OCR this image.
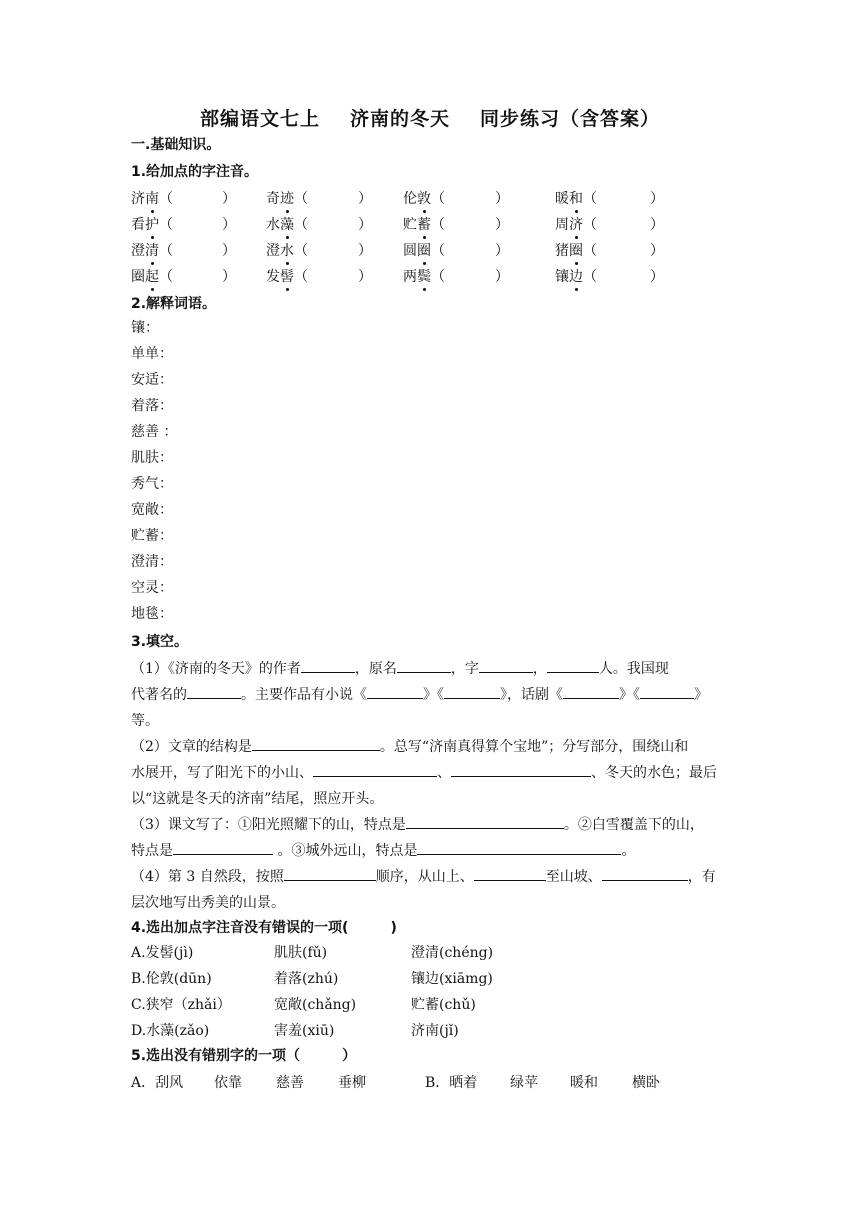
部编语文七上 济南的冬天 同步练习（含答案）
一.基础知识。
1.给加点的字注音。
济南（	） 奇迹（	） 伦敦（	）	暖和（	）
看护（	） 水藻（	） 贮蓄（	）	周济（	）
澄清（	） 澄水（	） 圆圈（	）	猪圈（	）
圈起（	） 发髻（	） 两鬓（	）	镶边（	）
2.解释词语。
镶：
单单：
安适：
着落：
慈善 ：
肌肤：
秀气：
宽敞：
贮蓄：
澄清：
空灵：
地毯：
3.填空。
（1）《济南的冬天》的作者	，原名	，字	，	人。我国现
代著名的	。主要作品有小说《	》《	》，话剧《	》《	》
等。
（2）文章的结构是	。总写“济南真得算个宝地”；分写部分，围绕山和
水展开，写了阳光下的小山、	、	、冬天的水色；最后
以“这就是冬天的济南”结尾，照应开头。
（3）课文写了：①阳光照耀下的山，特点是	。②白雪覆盖下的山，
特点是	。③城外远山，特点是	。
（4）第 3 自然段，按照	顺序，从山上、	至山坡、	，有
层次地写出秀美的山景。
4.选出加点字注音没有错误的一项(	)
A.发髻(jì)	肌肤(fǔ)	澄清(chéng)
B.伦敦(dūn)	着落(zhú)	镶边(xiāmg)
C.狭窄（zhǎi）	宽敞(chǎng)	贮蓄(chǔ)
D.水藻(zǎo)	害羞(xiū)	济南(jǐ)
5.选出没有错别字的一项（	）
A．刮风 依靠 慈善 垂柳	B．晒着 绿苹 暖和 横卧
